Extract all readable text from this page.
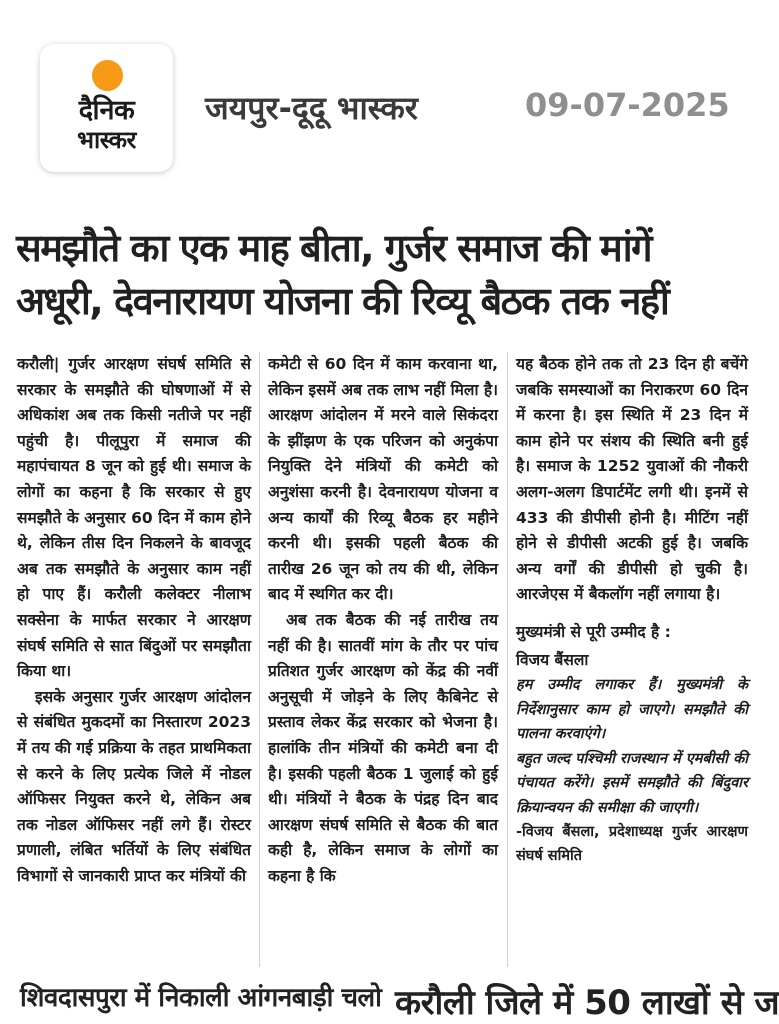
दैनिक
भास्कर
जयपुर-दूदू भास्कर	09-07-2025
समझौते का एक माह बीता, गुर्जर समाज की मांगें
अधूरी, देवनारायण योजना की रिव्यू बैठक तक नहीं

करौली| गुर्जर आरक्षण संघर्ष समिति से सरकार के समझौते की घोषणाओं में से अधिकांश अब तक किसी नतीजे पर नहीं पहुंची है। पीलूपुरा में समाज की महापंचायत 8 जून को हुई थी। समाज के लोगों का कहना है कि सरकार से हुए समझौते के अनुसार 60 दिन में काम होने थे, लेकिन तीस दिन निकलने के बावजूद अब तक समझौते के अनुसार काम नहीं हो पाए हैं। करौली कलेक्टर नीलाभ सक्सेना के मार्फत सरकार ने आरक्षण संघर्ष समिति से सात बिंदुओं पर समझौता किया था।

इसके अनुसार गुर्जर आरक्षण आंदोलन से संबंधित मुकदमों का निस्तारण 2023 में तय की गई प्रक्रिया के तहत प्राथमिकता से करने के लिए प्रत्येक जिले में नोडल ऑफिसर नियुक्त करने थे, लेकिन अब तक नोडल ऑफिसर नहीं लगे हैं। रोस्टर प्रणाली, लंबित भर्तियों के लिए संबंधित विभागों से जानकारी प्राप्त कर मंत्रियों की

कमेटी से 60 दिन में काम करवाना था, लेकिन इसमें अब तक लाभ नहीं मिला है। आरक्षण आंदोलन में मरने वाले सिकंदरा के झींझण के एक परिजन को अनुकंपा नियुक्ति देने मंत्रियों की कमेटी को अनुशंसा करनी है। देवनारायण योजना व अन्य कार्यों की रिव्यू बैठक हर महीने करनी थी। इसकी पहली बैठक की तारीख 26 जून को तय की थी, लेकिन बाद में स्थगित कर दी।

अब तक बैठक की नई तारीख तय नहीं की है। सातवीं मांग के तौर पर पांच प्रतिशत गुर्जर आरक्षण को केंद्र की नवीं अनुसूची में जोड़ने के लिए कैबिनेट से प्रस्ताव लेकर केंद्र सरकार को भेजना है। हालांकि तीन मंत्रियों की कमेटी बना दी है। इसकी पहली बैठक 1 जुलाई को हुई थी। मंत्रियों ने बैठक के पंद्रह दिन बाद आरक्षण संघर्ष समिति से बैठक की बात कही है, लेकिन समाज के लोगों का कहना है कि

यह बैठक होने तक तो 23 दिन ही बचेंगे जबकि समस्याओं का निराकरण 60 दिन में करना है। इस स्थिति में 23 दिन में काम होने पर संशय की स्थिति बनी हुई है। समाज के 1252 युवाओं की नौकरी अलग-अलग डिपार्टमेंट लगी थी। इनमें से 433 की डीपीसी होनी है। मीटिंग नहीं होने से डीपीसी अटकी हुई है। जबकि अन्य वर्गों की डीपीसी हो चुकी है। आरजेएस में बैकलॉग नहीं लगाया है।

मुख्यमंत्री से पूरी उम्मीद है :

विजय बैंसला

हम उम्मीद लगाकर हैं। मुख्यमंत्री के निर्देशानुसार काम हो जाएगे। समझौते की पालना करवाएंगे।

बहुत जल्द पश्चिमी राजस्थान में एमबीसी की पंचायत करेंगे। इसमें समझौते की बिंदुवार क्रियान्वयन की समीक्षा की जाएगी।

-विजय बैंसला, प्रदेशाध्यक्ष गुर्जर आरक्षण संघर्ष समिति

शिवदासपुरा में निकाली आंगनबाड़ी चलो करौली जिले में 50 लाखों से ज
